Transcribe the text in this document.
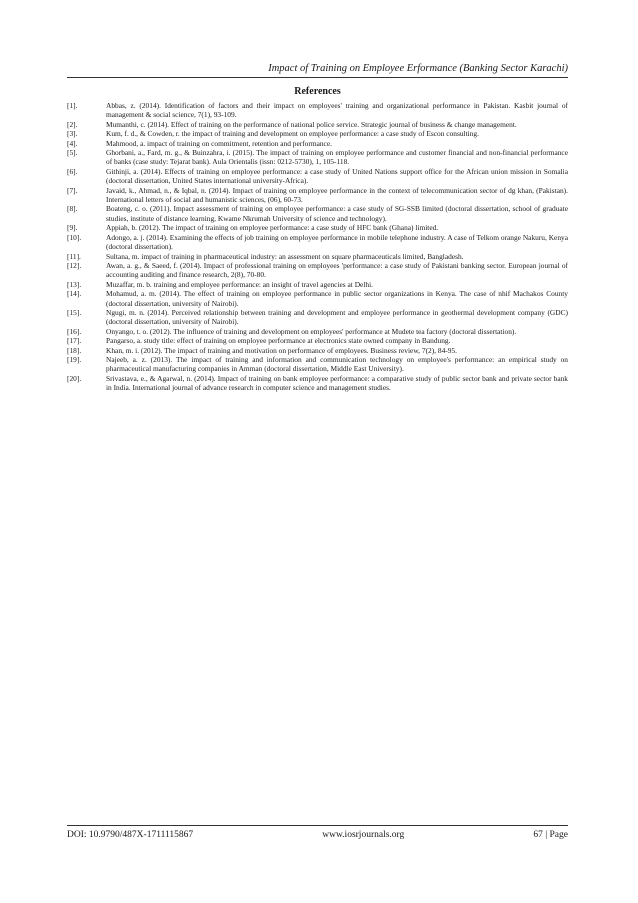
Impact of Training on Employee Erformance (Banking Sector Karachi)
References
[1].	Abbas, z. (2014). Identification of factors and their impact on employees' training and organizational performance in Pakistan. Kasbit journal of management & social science, 7(1), 93-109.
[2].	Mumanthi, c. (2014). Effect of training on the performance of national police service. Strategic journal of business & change management.
[3].	Kum, f. d., & Cowden, r. the impact of training and development on employee performance: a case study of Escon consulting.
[4].	Mahmood, a. impact of training on commitment, retention and performance.
[5].	Ghorbani, a., Fard, m. g., & Buinzahra, i. (2015). The impact of training on employee performance and customer financial and non-financial performance of banks (case study: Tejarat bank). Aula Orientalis (issn: 0212-5730), 1, 105-118.
[6].	Githinji, a. (2014). Effects of training on employee performance: a case study of United Nations support office for the African union mission in Somalia (doctoral dissertation, United States international university-Africa).
[7].	Javaid, k., Ahmad, n., & Iqbal, n. (2014). Impact of training on employee performance in the context of telecommunication sector of dg khan, (Pakistan). International letters of social and humanistic sciences, (06), 60-73.
[8].	Boateng, c. o. (2011). Impact assessment of training on employee performance: a case study of SG-SSB limited (doctoral dissertation, school of graduate studies, institute of distance learning, Kwame Nkrumah University of science and technology).
[9].	Appiah, b. (2012). The impact of training on employee performance: a case study of HFC bank (Ghana) limited.
[10].	Adongo, a. j. (2014). Examining the effects of job training on employee performance in mobile telephone industry. A case of Telkom orange Nakuru, Kenya (doctoral dissertation).
[11].	Sultana, m. impact of training in pharmaceutical industry: an assessment on square pharmaceuticals limited, Bangladesh.
[12].	Awan, a. g., & Saeed, f. (2014). Impact of professional training on employees 'performance: a case study of Pakistani banking sector. European journal of accounting auditing and finance research, 2(8), 70-80.
[13].	Muzaffar, m. b. training and employee performance: an insight of travel agencies at Delhi.
[14].	Mohamud, a. m. (2014). The effect of training on employee performance in public sector organizations in Kenya. The case of nhif Machakos County (doctoral dissertation, university of Nairobi).
[15].	Ngugi, m. n. (2014). Perceived relationship between training and development and employee performance in geothermal development company (GDC) (doctoral dissertation, university of Nairobi).
[16].	Onyango, t. o. (2012). The influence of training and development on employees' performance at Mudete tea factory (doctoral dissertation).
[17].	Pangarso, a. study title: effect of training on employee performance at electronics state owned company in Bandung.
[18].	Khan, m. i. (2012). The impact of training and motivation on performance of employees. Business review, 7(2), 84-95.
[19].	Najeeb, a. z. (2013). The impact of training and information and communication technology on employee's performance: an empirical study on pharmaceutical manufacturing companies in Amman (doctoral dissertation, Middle East University).
[20].	Srivastava, e., & Agarwal, n. (2014). Impact of training on bank employee performance: a comparative study of public sector bank and private sector bank in India. International journal of advance research in computer science and management studies.
DOI: 10.9790/487X-1711115867	www.iosrjournals.org	67 | Page
